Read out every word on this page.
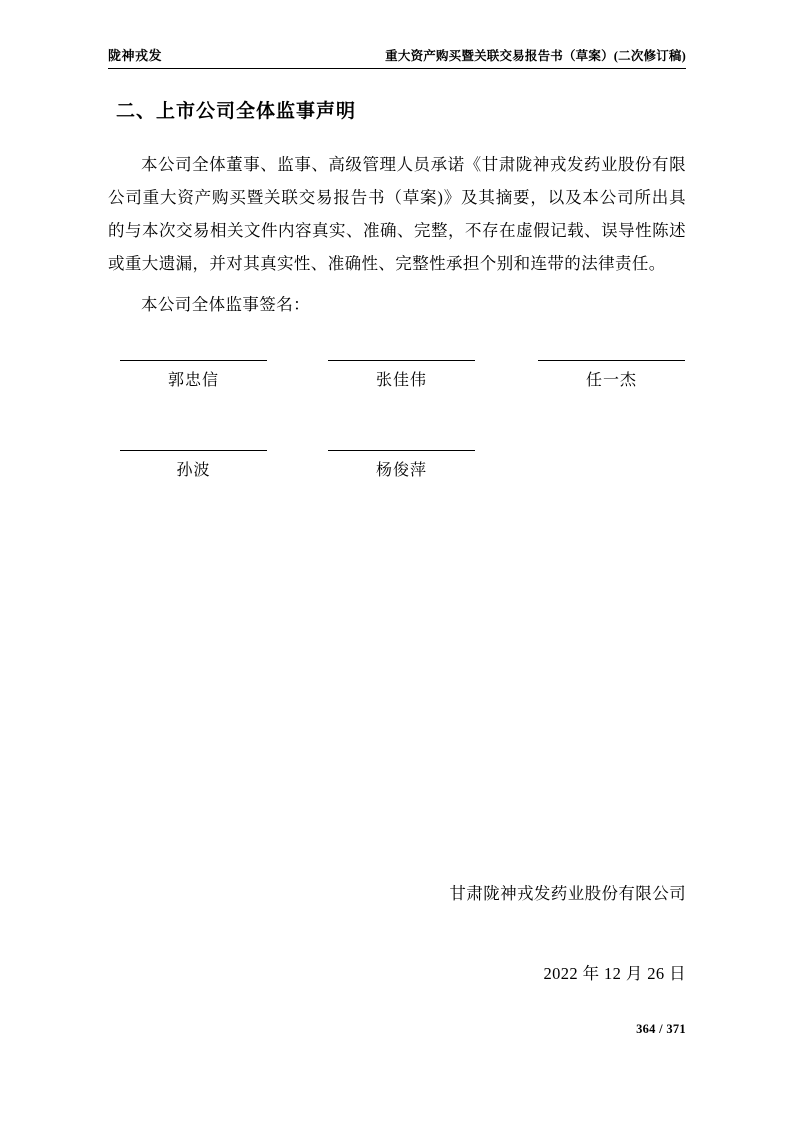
陇神戎发	重大资产购买暨关联交易报告书（草案）(二次修订稿)
二、上市公司全体监事声明
本公司全体董事、监事、高级管理人员承诺《甘肃陇神戎发药业股份有限公司重大资产购买暨关联交易报告书（草案)》及其摘要，以及本公司所出具的与本次交易相关文件内容真实、准确、完整，不存在虚假记载、误导性陈述或重大遗漏，并对其真实性、准确性、完整性承担个别和连带的法律责任。
本公司全体监事签名：
郭忠信	张佳伟	任一杰
孙波	杨俊萍
甘肃陇神戎发药业股份有限公司
2022 年 12 月 26 日
364 / 371
